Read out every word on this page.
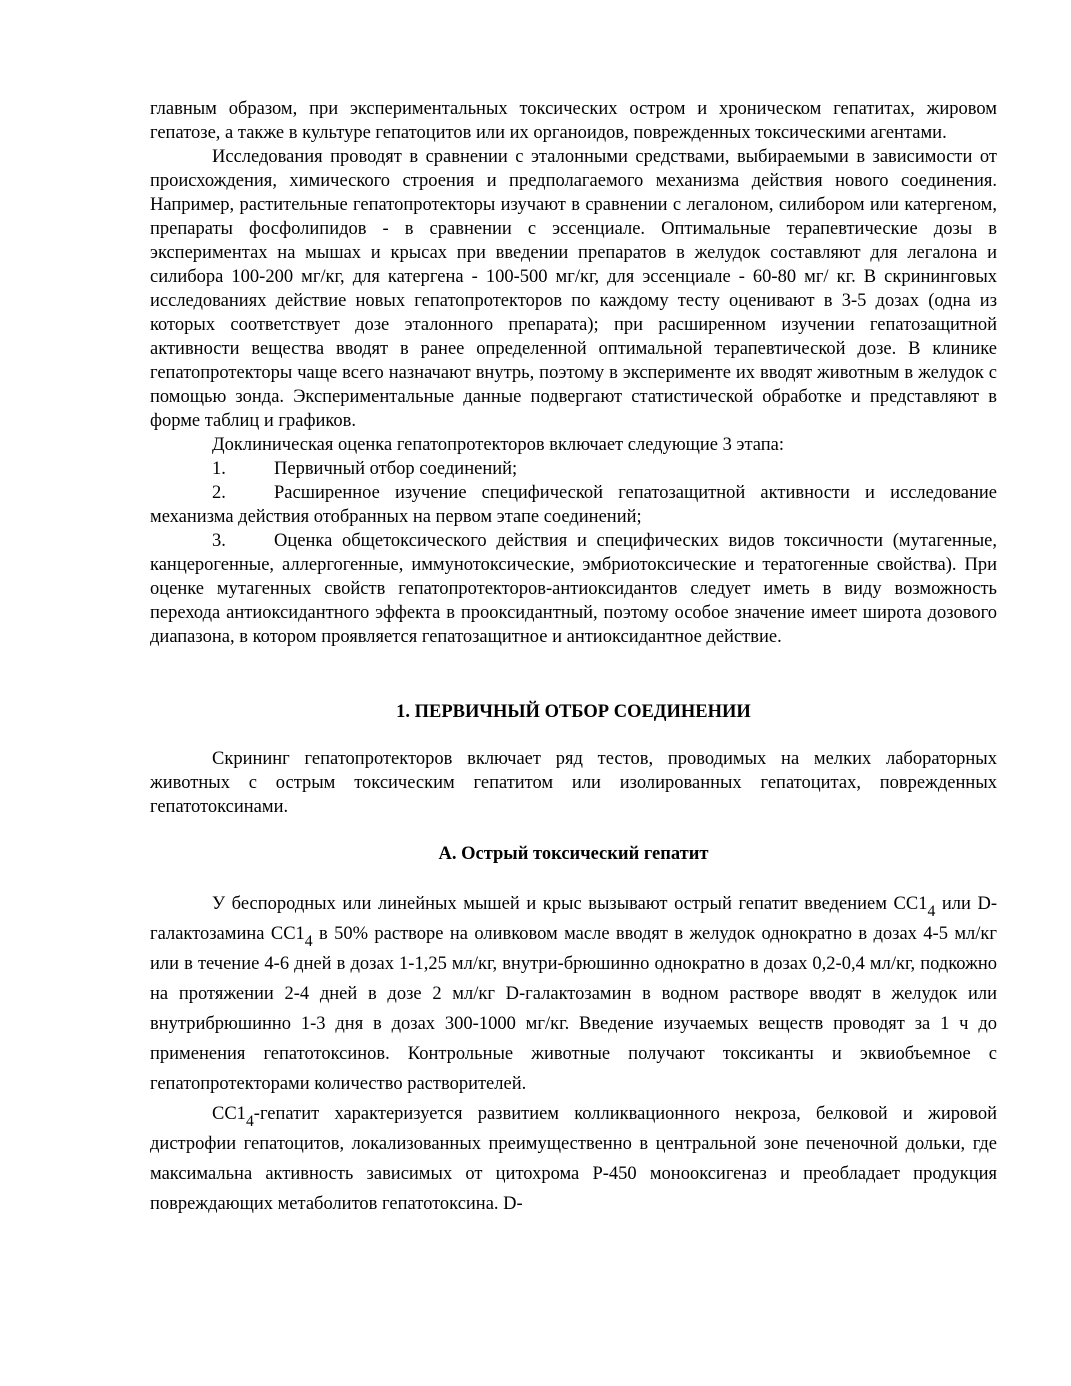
главным образом, при экспериментальных токсических остром и хроническом гепатитах, жировом гепатозе, а также в культуре гепатоцитов или их органоидов, поврежденных токсическими агентами.

Исследования проводят в сравнении с эталонными средствами, выбираемыми в зависимости от происхождения, химического строения и предполагаемого механизма действия нового соединения. Например, растительные гепатопротекторы изучают в сравнении с легалоном, силибором или катергеном, препараты фосфолипидов - в сравнении с эссенциале. Оптимальные терапевтические дозы в экспериментах на мышах и крысах при введении препаратов в желудок составляют для легалона и силибора 100-200 мг/кг, для катергена - 100-500 мг/кг, для эссенциале - 60-80 мг/ кг. В скрининговых исследованиях действие новых гепатопротекторов по каждому тесту оценивают в 3-5 дозах (одна из которых соответствует дозе эталонного препарата); при расширенном изучении гепатозащитной активности вещества вводят в ранее определенной оптимальной терапевтической дозе. В клинике гепатопротекторы чаще всего назначают внутрь, поэтому в эксперименте их вводят животным в желудок с помощью зонда. Экспериментальные данные подвергают статистической обработке и представляют в форме таблиц и графиков.

Доклиническая оценка гепатопротекторов включает следующие 3 этапа:

1.	Первичный отбор соединений;

2.	Расширенное изучение специфической гепатозащитной активности и исследование механизма действия отобранных на первом этапе соединений;

3.	Оценка общетоксического действия и специфических видов токсичности (мутагенные, канцерогенные, аллергогенные, иммунотоксические, эмбриотоксические и тератогенные свойства). При оценке мутагенных свойств гепатопротекторов-антиоксидантов следует иметь в виду возможность перехода антиоксидантного эффекта в прооксидантный, поэтому особое значение имеет широта дозового диапазона, в котором проявляется гепатозащитное и антиоксидантное действие.

1. ПЕРВИЧНЫЙ ОТБОР СОЕДИНЕНИИ

Скрининг гепатопротекторов включает ряд тестов, проводимых на мелких лабораторных животных с острым токсическим гепатитом или изолированных гепатоцитах, поврежденных гепатотоксинами.

А. Острый токсический гепатит

У беспородных или линейных мышей и крыс вызывают острый гепатит введением $СС1_4$ или D-галактозамина $СС1_4$ в 50% растворе на оливковом масле вводят в желудок однократно в дозах 4-5 мл/кг или в течение 4-6 дней в дозах 1-1,25 мл/кг, внутри-брюшинно однократно в дозах 0,2-0,4 мл/кг, подкожно на протяжении 2-4 дней в дозе 2 мл/кг D-галактозамин в водном растворе вводят в желудок или внутрибрюшинно 1-3 дня в дозах 300-1000 мг/кг. Введение изучаемых веществ проводят за 1 ч до применения гепатотоксинов. Контрольные животные получают токсиканты и эквиобъемное с гепатопротекторами количество растворителей.

$СС1_4$-гепатит характеризуется развитием колликвационного некроза, белковой и жировой дистрофии гепатоцитов, локализованных преимущественно в центральной зоне печеночной дольки, где максимальна активность зависимых от цитохрома Р-450 монооксигеназ и преобладает продукция повреждающих метаболитов гепатотоксина. D-
